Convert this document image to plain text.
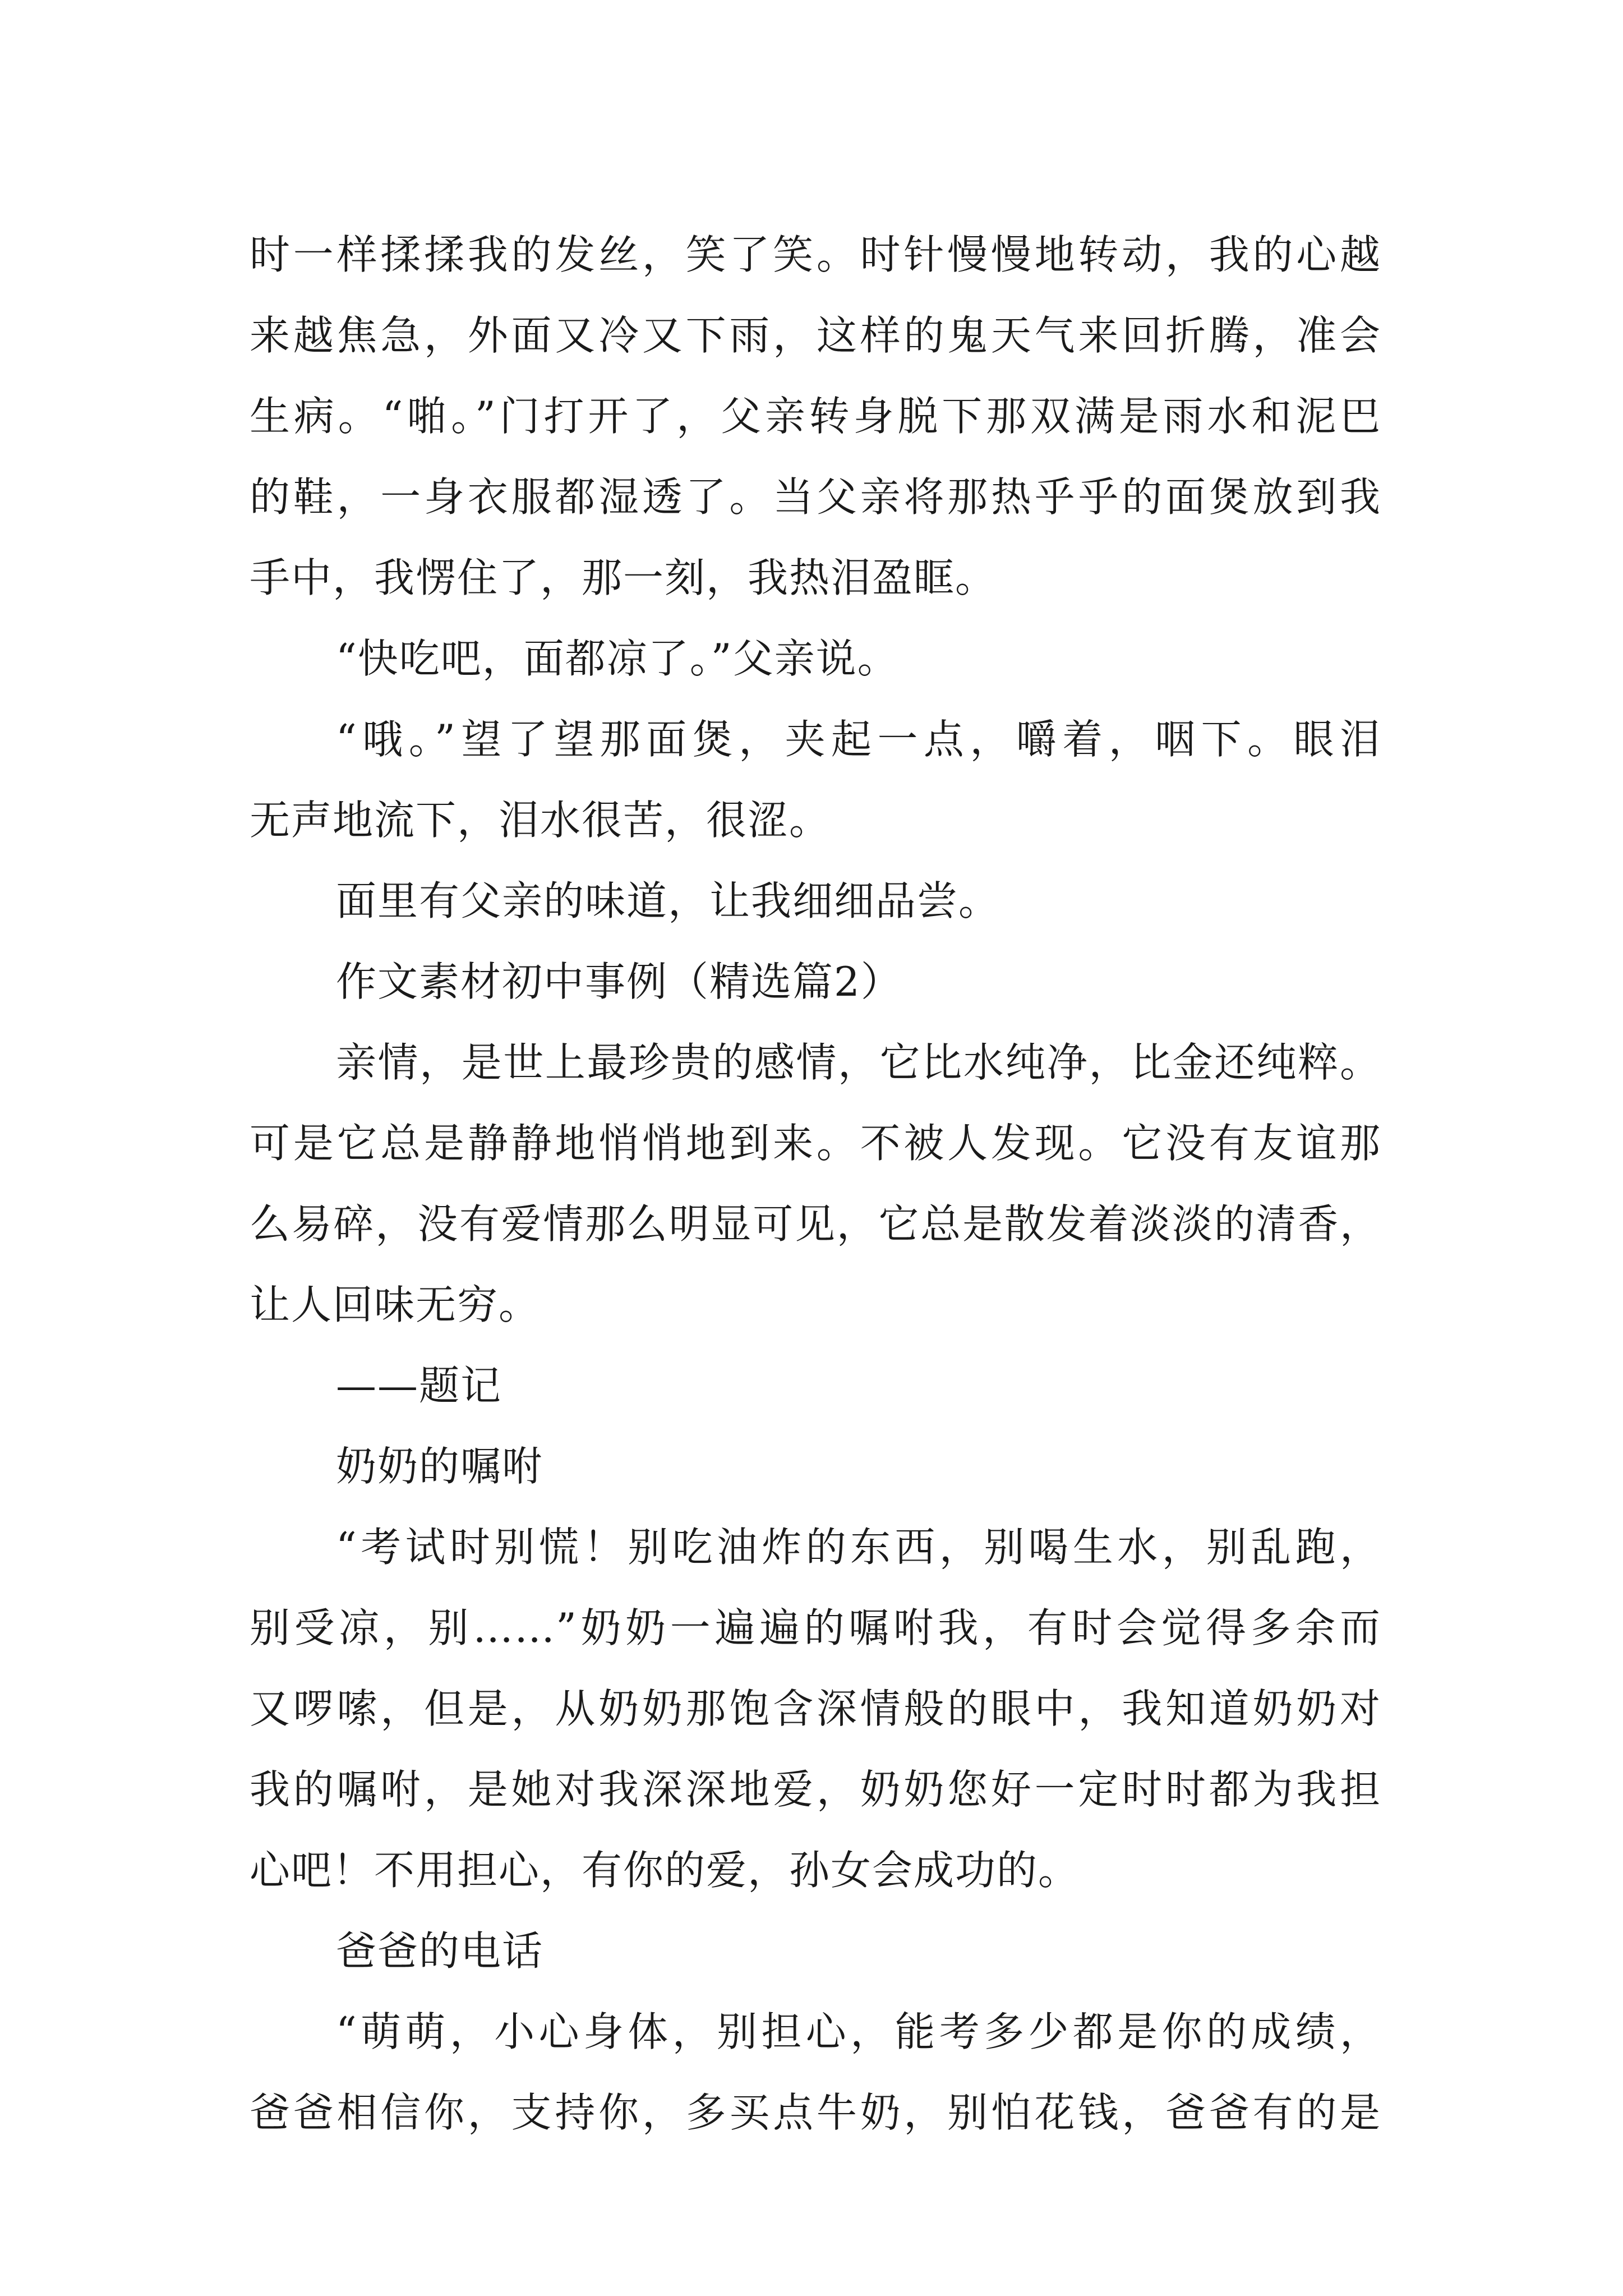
时一样揉揉我的发丝，笑了笑。时针慢慢地转动，我的心越
来越焦急，外面又冷又下雨，这样的鬼天气来回折腾，准会
生病。“啪。”门打开了，父亲转身脱下那双满是雨水和泥巴
的鞋，一身衣服都湿透了。当父亲将那热乎乎的面煲放到我
手中，我愣住了，那一刻，我热泪盈眶。
“快吃吧，面都凉了。”父亲说。
“哦。”望了望那面煲，夹起一点，嚼着，咽下。眼泪
无声地流下，泪水很苦，很涩。
面里有父亲的味道，让我细细品尝。
作文素材初中事例（精选篇2）
亲情，是世上最珍贵的感情，它比水纯净，比金还纯粹。
可是它总是静静地悄悄地到来。不被人发现。它没有友谊那
么易碎，没有爱情那么明显可见，它总是散发着淡淡的清香，
让人回味无穷。
——题记
奶奶的嘱咐
“考试时别慌！别吃油炸的东西，别喝生水，别乱跑，
别受凉，别……”奶奶一遍遍的嘱咐我，有时会觉得多余而
又啰嗦，但是，从奶奶那饱含深情般的眼中，我知道奶奶对
我的嘱咐，是她对我深深地爱，奶奶您好一定时时都为我担
心吧！不用担心，有你的爱，孙女会成功的。
爸爸的电话
“萌萌，小心身体，别担心，能考多少都是你的成绩，
爸爸相信你，支持你，多买点牛奶，别怕花钱，爸爸有的是
